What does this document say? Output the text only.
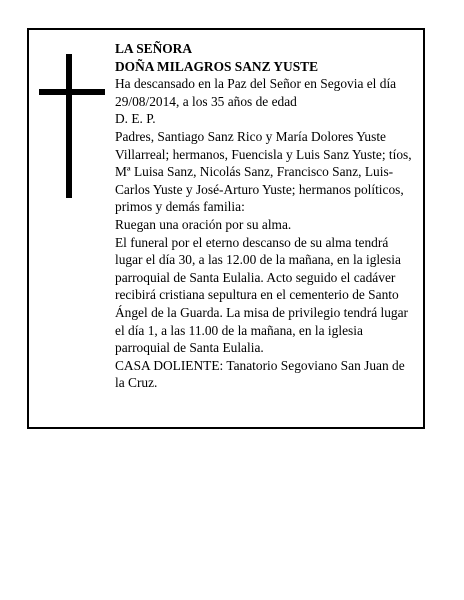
LA SEÑORA

DOÑA MILAGROS SANZ YUSTE

Ha descansado en la Paz del Señor en Segovia el día 29/08/2014, a los 35 años de edad

D. E. P.

Padres, Santiago Sanz Rico y María Dolores Yuste Villarreal; hermanos, Fuencisla y Luis Sanz Yuste; tíos, Mª Luisa Sanz, Nicolás Sanz, Francisco Sanz, Luis-Carlos Yuste y José-Arturo Yuste; hermanos políticos, primos y demás familia:

Ruegan una oración por su alma.

El funeral por el eterno descanso de su alma tendrá lugar el día 30, a las 12.00 de la mañana, en la iglesia parroquial de Santa Eulalia. Acto seguido el cadáver recibirá cristiana sepultura en el cementerio de Santo Ángel de la Guarda. La misa de privilegio tendrá lugar el día 1, a las 11.00 de la mañana, en la iglesia parroquial de Santa Eulalia.

CASA DOLIENTE: Tanatorio Segoviano San Juan de la Cruz.
